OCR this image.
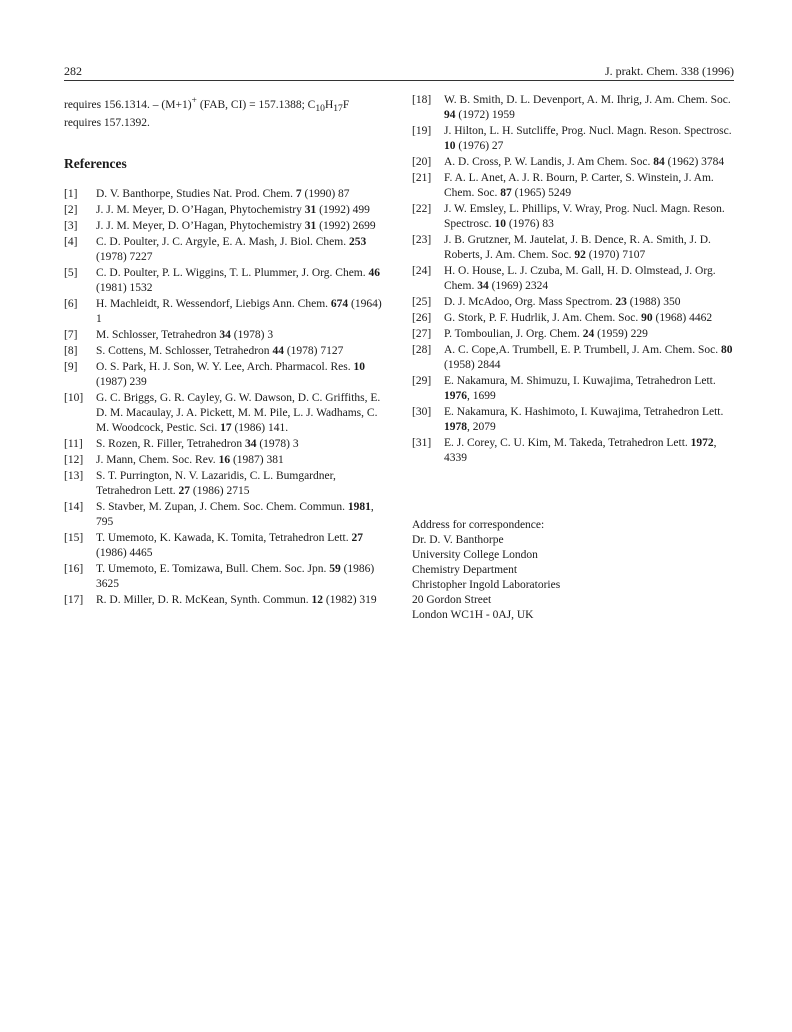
282	J. prakt. Chem. 338 (1996)

requires 156.1314. – (M+1)+ (FAB, CI) = 157.1388; $C_{10}H_{17}F$
requires 157.1392.

References
[1] D. V. Banthorpe, Studies Nat. Prod. Chem. 7 (1990) 87
[2] J. J. M. Meyer, D. O’Hagan, Phytochemistry 31 (1992) 499
[3] J. J. M. Meyer, D. O’Hagan, Phytochemistry 31 (1992) 2699
[4] C. D. Poulter, J. C. Argyle, E. A. Mash, J. Biol. Chem. 253 (1978) 7227
[5] C. D. Poulter, P. L. Wiggins, T. L. Plummer, J. Org. Chem. 46 (1981) 1532
[6] H. Machleidt, R. Wessendorf, Liebigs Ann. Chem. 674 (1964) 1
[7] M. Schlosser, Tetrahedron 34 (1978) 3
[8] S. Cottens, M. Schlosser, Tetrahedron 44 (1978) 7127
[9] O. S. Park, H. J. Son, W. Y. Lee, Arch. Pharmacol. Res. 10 (1987) 239
[10] G. C. Briggs, G. R. Cayley, G. W. Dawson, D. C. Griffiths, E. D. M. Macaulay, J. A. Pickett, M. M. Pile, L. J. Wadhams, C. M. Woodcock, Pestic. Sci. 17 (1986) 141.
[11] S. Rozen, R. Filler, Tetrahedron 34 (1978) 3
[12] J. Mann, Chem. Soc. Rev. 16 (1987) 381
[13] S. T. Purrington, N. V. Lazaridis, C. L. Bumgardner, Tetrahedron Lett. 27 (1986) 2715
[14] S. Stavber, M. Zupan, J. Chem. Soc. Chem. Commun. 1981, 795
[15] T. Umemoto, K. Kawada, K. Tomita, Tetrahedron Lett. 27 (1986) 4465
[16] T. Umemoto, E. Tomizawa, Bull. Chem. Soc. Jpn. 59 (1986) 3625
[17] R. D. Miller, D. R. McKean, Synth. Commun. 12 (1982) 319
[18] W. B. Smith, D. L. Devenport, A. M. Ihrig, J. Am. Chem. Soc. 94 (1972) 1959
[19] J. Hilton, L. H. Sutcliffe, Prog. Nucl. Magn. Reson. Spectrosc. 10 (1976) 27
[20] A. D. Cross, P. W. Landis, J. Am Chem. Soc. 84 (1962) 3784
[21] F. A. L. Anet, A. J. R. Bourn, P. Carter, S. Winstein, J. Am. Chem. Soc. 87 (1965) 5249
[22] J. W. Emsley, L. Phillips, V. Wray, Prog. Nucl. Magn. Reson. Spectrosc. 10 (1976) 83
[23] J. B. Grutzner, M. Jautelat, J. B. Dence, R. A. Smith, J. D. Roberts, J. Am. Chem. Soc. 92 (1970) 7107
[24] H. O. House, L. J. Czuba, M. Gall, H. D. Olmstead, J. Org. Chem. 34 (1969) 2324
[25] D. J. McAdoo, Org. Mass Spectrom. 23 (1988) 350
[26] G. Stork, P. F. Hudrlik, J. Am. Chem. Soc. 90 (1968) 4462
[27] P. Tomboulian, J. Org. Chem. 24 (1959) 229
[28] A. C. Cope,A. Trumbell, E. P. Trumbell, J. Am. Chem. Soc. 80 (1958) 2844
[29] E. Nakamura, M. Shimuzu, I. Kuwajima, Tetrahedron Lett. 1976, 1699
[30] E. Nakamura, K. Hashimoto, I. Kuwajima, Tetrahedron Lett. 1978, 2079
[31] E. J. Corey, C. U. Kim, M. Takeda, Tetrahedron Lett. 1972, 4339
Address for correspondence:
Dr. D. V. Banthorpe
University College London
Chemistry Department
Christopher Ingold Laboratories
20 Gordon Street
London WC1H - 0AJ, UK
